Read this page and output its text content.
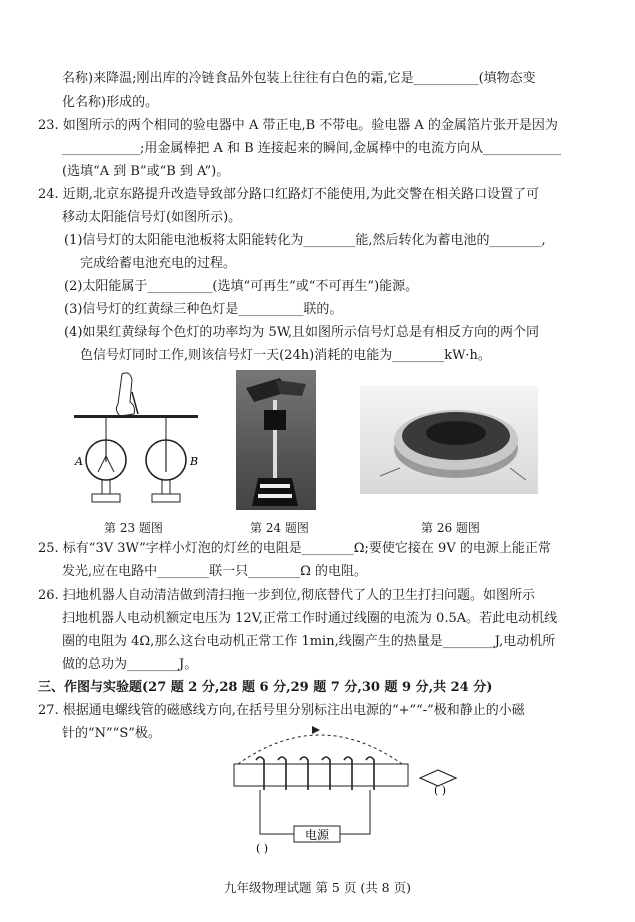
名称)来降温;刚出库的冷链食品外包装上往往有白色的霜,它是__________(填物态变
化名称)形成的。
23. 如图所示的两个相同的验电器中 A 带正电,B 不带电。验电器 A 的金属箔片张开是因为
____________;用金属棒把 A 和 B 连接起来的瞬间,金属棒中的电流方向从____________
(选填“A 到 B”或“B 到 A”)。
24. 近期,北京东路提升改造导致部分路口红路灯不能使用,为此交警在相关路口设置了可
移动太阳能信号灯(如图所示)。
(1)信号灯的太阳能电池板将太阳能转化为________能,然后转化为蓄电池的________,
完成给蓄电池充电的过程。
(2)太阳能属于__________(选填“可再生”或“不可再生”)能源。
(3)信号灯的红黄绿三种色灯是__________联的。
(4)如果红黄绿每个色灯的功率均为 5W,且如图所示信号灯总是有相反方向的两个同
色信号灯同时工作,则该信号灯一天(24h)消耗的电能为________kW·h。
A	B
第 23 题图	第 24 题图	第 26 题图
25. 标有“3V 3W”字样小灯泡的灯丝的电阻是________Ω;要使它接在 9V 的电源上能正常
发光,应在电路中________联一只________Ω 的电阻。
26. 扫地机器人自动清洁做到清扫拖一步到位,彻底替代了人的卫生打扫问题。如图所示
扫地机器人电动机额定电压为 12V,正常工作时通过线圈的电流为 0.5A。若此电动机线
圈的电阻为 4Ω,那么这台电动机正常工作 1min,线圈产生的热量是________J,电动机所
做的总功为________J。
三、作图与实验题(27 题 2 分,28 题 6 分,29 题 7 分,30 题 9 分,共 24 分)
27. 根据通电螺线管的磁感线方向,在括号里分别标注出电源的“+”“-”极和静止的小磁
针的“N”“S”极。
电源
( )
( )
九年级物理试题 第 5 页 (共 8 页)
